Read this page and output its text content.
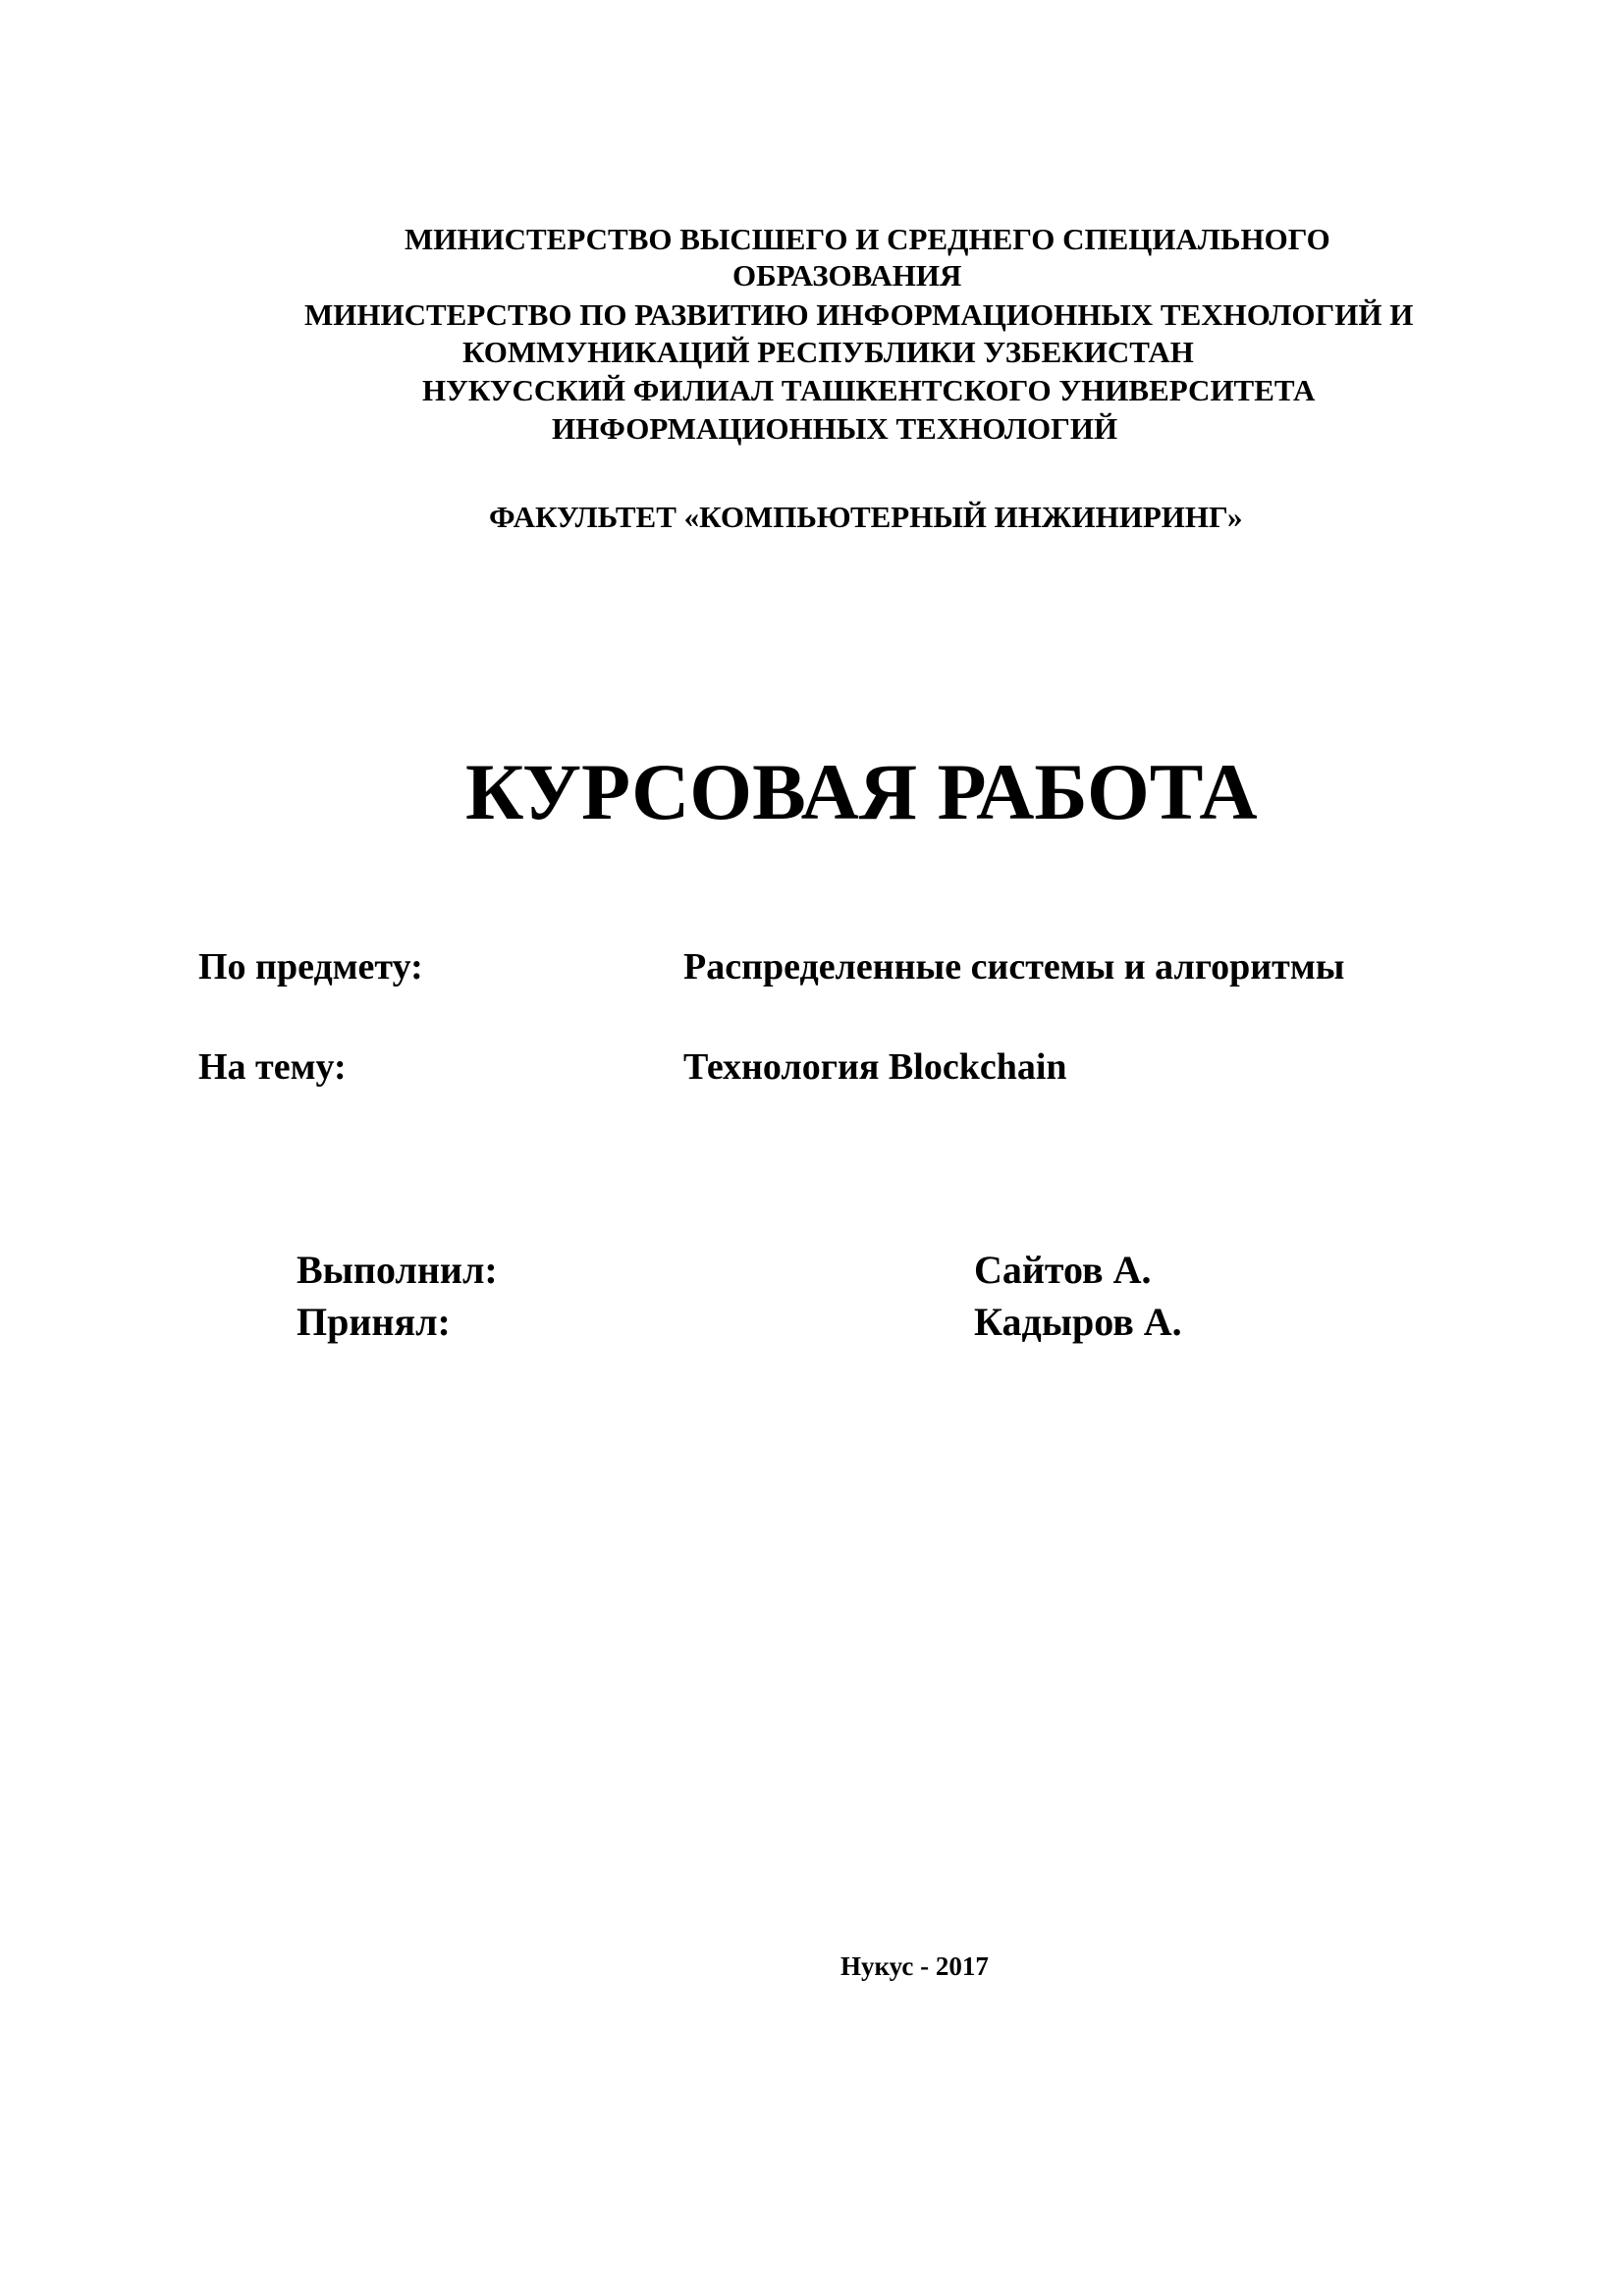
МИНИСТЕРСТВО ВЫСШЕГО И СРЕДНЕГО СПЕЦИАЛЬНОГО
ОБРАЗОВАНИЯ
МИНИСТЕРСТВО ПО РАЗВИТИЮ ИНФОРМАЦИОННЫХ ТЕХНОЛОГИЙ И
КОММУНИКАЦИЙ РЕСПУБЛИКИ УЗБЕКИСТАН
НУКУССКИЙ ФИЛИАЛ ТАШКЕНТСКОГО УНИВЕРСИТЕТА
ИНФОРМАЦИОННЫХ ТЕХНОЛОГИЙ
ФАКУЛЬТЕТ «КОМПЬЮТЕРНЫЙ ИНЖИНИРИНГ»
КУРСОВАЯ РАБОТА
По предмету:	Распределенные системы и алгоритмы
На тему:	Технология Blockchain
Выполнил:	Сайтов А.
Принял:	Кадыров А.
Нукус - 2017
